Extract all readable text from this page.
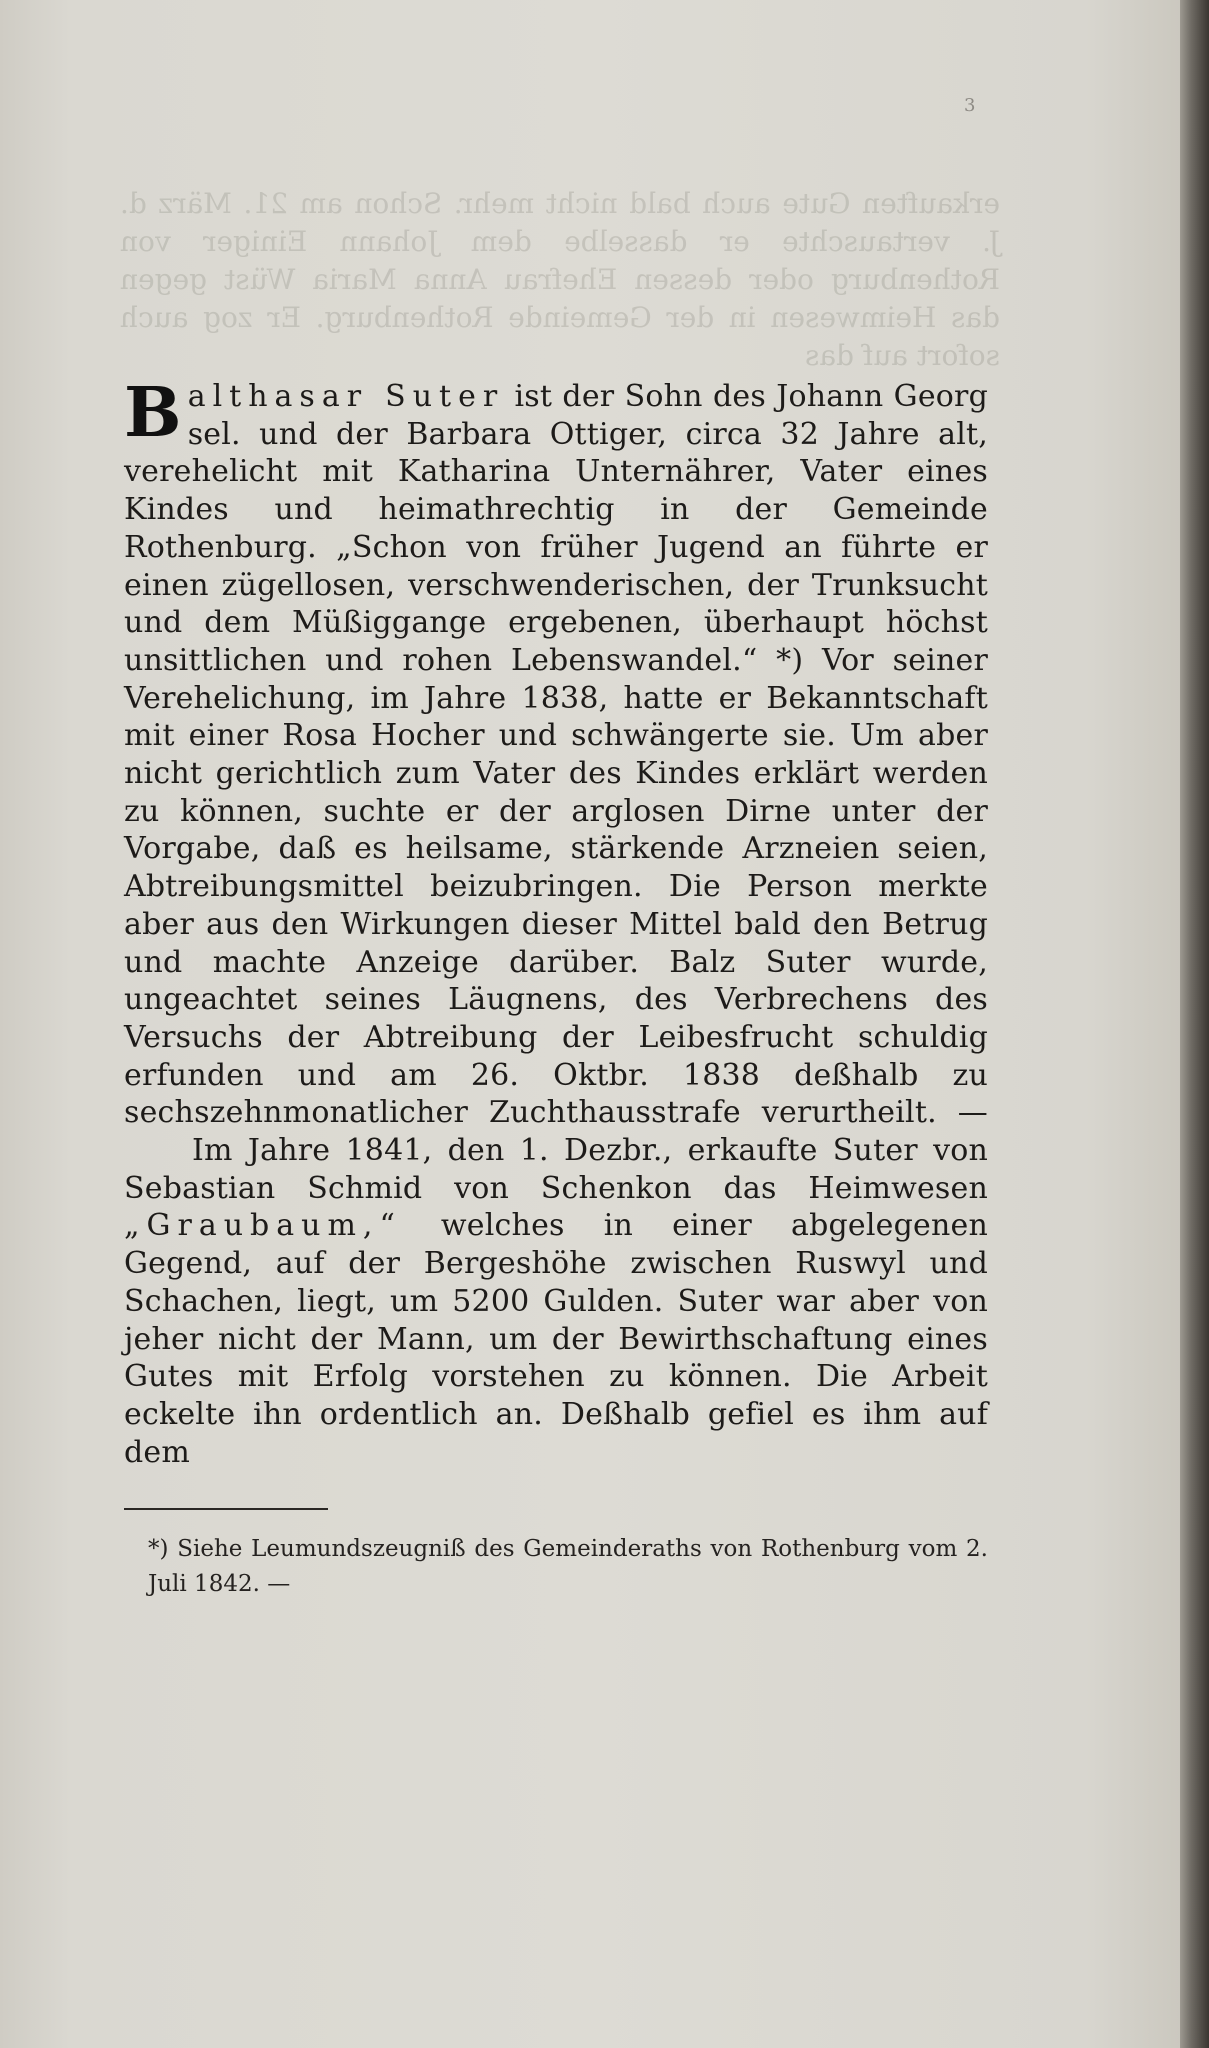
erkauften Gute auch bald nicht mehr. Schon am 21. März d. J. vertauschte er dasselbe dem Johann Einiger von Rothenburg oder dessen Ehefrau Anna Maria Wüst gegen das Heimwesen in der Gemeinde Rothenburg. Er zog auch sofort auf das
3

Balthasar Suter ist der Sohn des Johann Georg sel. und der Barbara Ottiger, circa 32 Jahre alt, verehelicht mit Katharina Unternährer, Vater eines Kindes und heimathrechtig in der Gemeinde Rothenburg. „Schon von früher Jugend an führte er einen zügellosen, verschwenderischen, der Trunksucht und dem Müßiggange ergebenen, überhaupt höchst unsittlichen und rohen Lebenswandel.“ *) Vor seiner Verehelichung, im Jahre 1838, hatte er Bekanntschaft mit einer Rosa Hocher und schwängerte sie. Um aber nicht gerichtlich zum Vater des Kindes erklärt werden zu können, suchte er der arglosen Dirne unter der Vorgabe, daß es heilsame, stärkende Arzneien seien, Abtreibungsmittel beizubringen. Die Person merkte aber aus den Wirkungen dieser Mittel bald den Betrug und machte Anzeige darüber. Balz Suter wurde, ungeachtet seines Läugnens, des Verbrechens des Versuchs der Abtreibung der Leibesfrucht schuldig erfunden und am 26. Oktbr. 1838 deßhalb zu sechszehnmonatlicher Zuchthausstrafe verurtheilt. —

Im Jahre 1841, den 1. Dezbr., erkaufte Suter von Sebastian Schmid von Schenkon das Heimwesen „Graubaum,“ welches in einer abgelegenen Gegend, auf der Bergeshöhe zwischen Ruswyl und Schachen, liegt, um 5200 Gulden. Suter war aber von jeher nicht der Mann, um der Bewirthschaftung eines Gutes mit Erfolg vorstehen zu können. Die Arbeit eckelte ihn ordentlich an. Deßhalb gefiel es ihm auf dem

*) Siehe Leumundszeugniß des Gemeinderaths von Rothenburg vom 2. Juli 1842. —
